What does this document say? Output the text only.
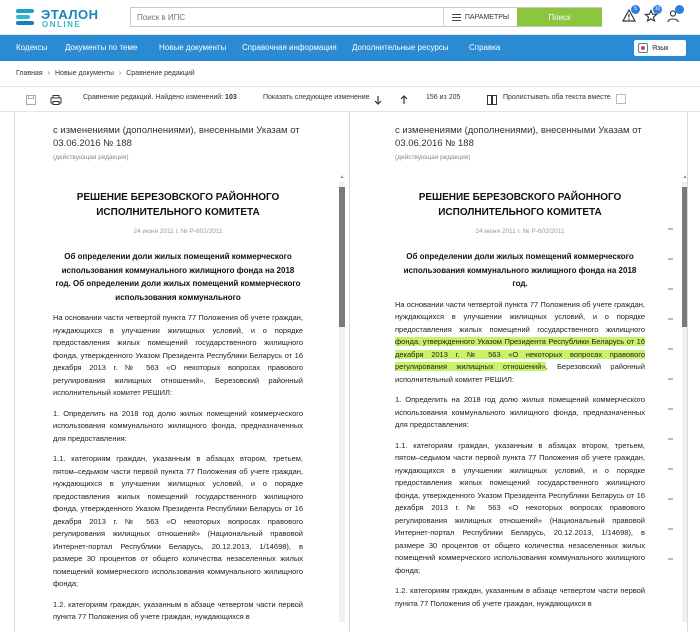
ЭТАЛОН
ONLINE
Поиск в ИПС
ПАРАМЕТРЫ	Поиск
5	10
Кодексы Документы по теме	Новые документы Справочная информация Дополнительные ресурсы	Справка	Язык
Главная › Новые документы › Сравнение редакций
Сравнение редакций. Найдено изменений: 103	Показать следующее изменение	156 из 205	Пролистывать оба текста вместе
с изменениями (дополнениями), внесенными Указам от 03.06.2016 № 188
(действующая редакция)
РЕШЕНИЕ БЕРЕЗОВСКОГО РАЙОННОГО ИСПОЛНИТЕЛЬНОГО КОМИТЕТА
24 июня 2011 г. № Р-602/2011
Об определении доли жилых помещений коммерческого использования коммунального жилищного фонда на 2018 год. Об определении доли жилых помещений коммерческого использования коммунального
На основании части четвертой пункта 77 Положения об учете граждан, нуждающихся в улучшении жилищных условий, и о порядке предоставления жилых помещений государственного жилищного фонда, утвержденного Указом Президента Республики Беларусь от 16 декабря 2013 г. № 563 «О некоторых вопросах правового регулирования жилищных отношений», Березовский районный исполнительный комитет РЕШИЛ:
1. Определить на 2018 год долю жилых помещений коммерческого использования коммунального жилищного фонда, предназначенных для предоставления:
1.1. категориям граждан, указанным в абзацах втором, третьем, пятом–седьмом части первой пункта 77 Положения об учете граждан, нуждающихся в улучшении жилищных условий, и о порядке предоставления жилых помещений государственного жилищного фонда, утвержденного Указом Президента Республики Беларусь от 16 декабря 2013 г. № 563 «О некоторых вопросах правового регулирования жилищных отношений» (Национальный правовой Интернет-портал Республики Беларусь, 20.12.2013, 1/14698), в размере 30 процентов от общего количества незаселенных жилых помещений коммерческого использования коммунального жилищного фонда;
1.2. категориям граждан, указанным в абзаце четвертом части первой пункта 77 Положения об учете граждан, нуждающихся в
▲
с изменениями (дополнениями), внесенными Указам от 03.06.2016 № 188
(действующая редакция)
РЕШЕНИЕ БЕРЕЗОВСКОГО РАЙОННОГО ИСПОЛНИТЕЛЬНОГО КОМИТЕТА
24 июня 2011 г. № Р-602/2011
Об определении доли жилых помещений коммерческого использования коммунального жилищного фонда на 2018 год.
На основании части четвертой пункта 77 Положения об учете граждан, нуждающихся в улучшении жилищных условий, и о порядке предоставления жилых помещений государственного жилищного фонда, утвержденного Указом Президента Республики Беларусь от 16 декабря 2013 г. № 563 «О некоторых вопросах правового регулирования жилищных отношений», Березовский районный исполнительный комитет РЕШИЛ:
1. Определить на 2018 год долю жилых помещений коммерческого использования коммунального жилищного фонда, предназначенных для предоставления:
1.1. категориям граждан, указанным в абзацах втором, третьем, пятом–седьмом части первой пункта 77 Положения об учете граждан, нуждающихся в улучшении жилищных условий, и о порядке предоставления жилых помещений государственного жилищного фонда, утвержденного Указом Президента Республики Беларусь от 16 декабря 2013 г. № 563 «О некоторых вопросах правового регулирования жилищных отношений» (Национальный правовой Интернет-портал Республики Беларусь, 20.12.2013, 1/14698), в размере 30 процентов от общего количества незаселенных жилых помещений коммерческого использования коммунального жилищного фонда;
1.2. категориям граждан, указанным в абзаце четвертом части первой пункта 77 Положения об учете граждан, нуждающихся в
▲
